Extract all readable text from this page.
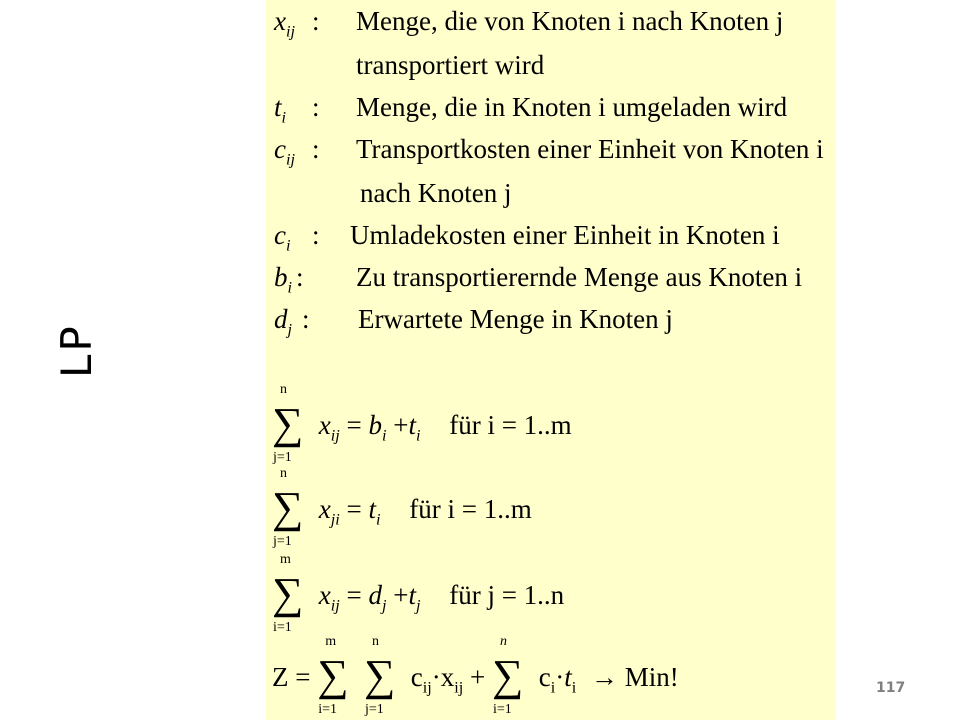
LP
$x_{ij}$ : Menge, die von Knoten i nach Knoten j
transportiert wird
$t_i$ : Menge, die in Knoten i umgeladen wird
$c_{ij}$ : Transportkosten einer Einheit von Knoten i
nach Knoten j
$c_i$ : Umladekosten einer Einheit in Knoten i
$b_i$ : Zu transportierernde Menge aus Knoten i
$d_j$ : Erwartete Menge in Knoten j
∑
n
j=1
$x_{ij} = b_i +t_i$ für i = 1..m
∑
n
j=1
$x_{ji} = t_i$ für i = 1..m
∑
m
i=1
$x_{ij} = d_j +t_j$ für j = 1..n
Z = ∑
m
i=1

∑
n
j=1
$c_{ij}\cdot x_{ij}$ + ∑
n
i=1
$c_i\cdot t_i$ → Min!	117
